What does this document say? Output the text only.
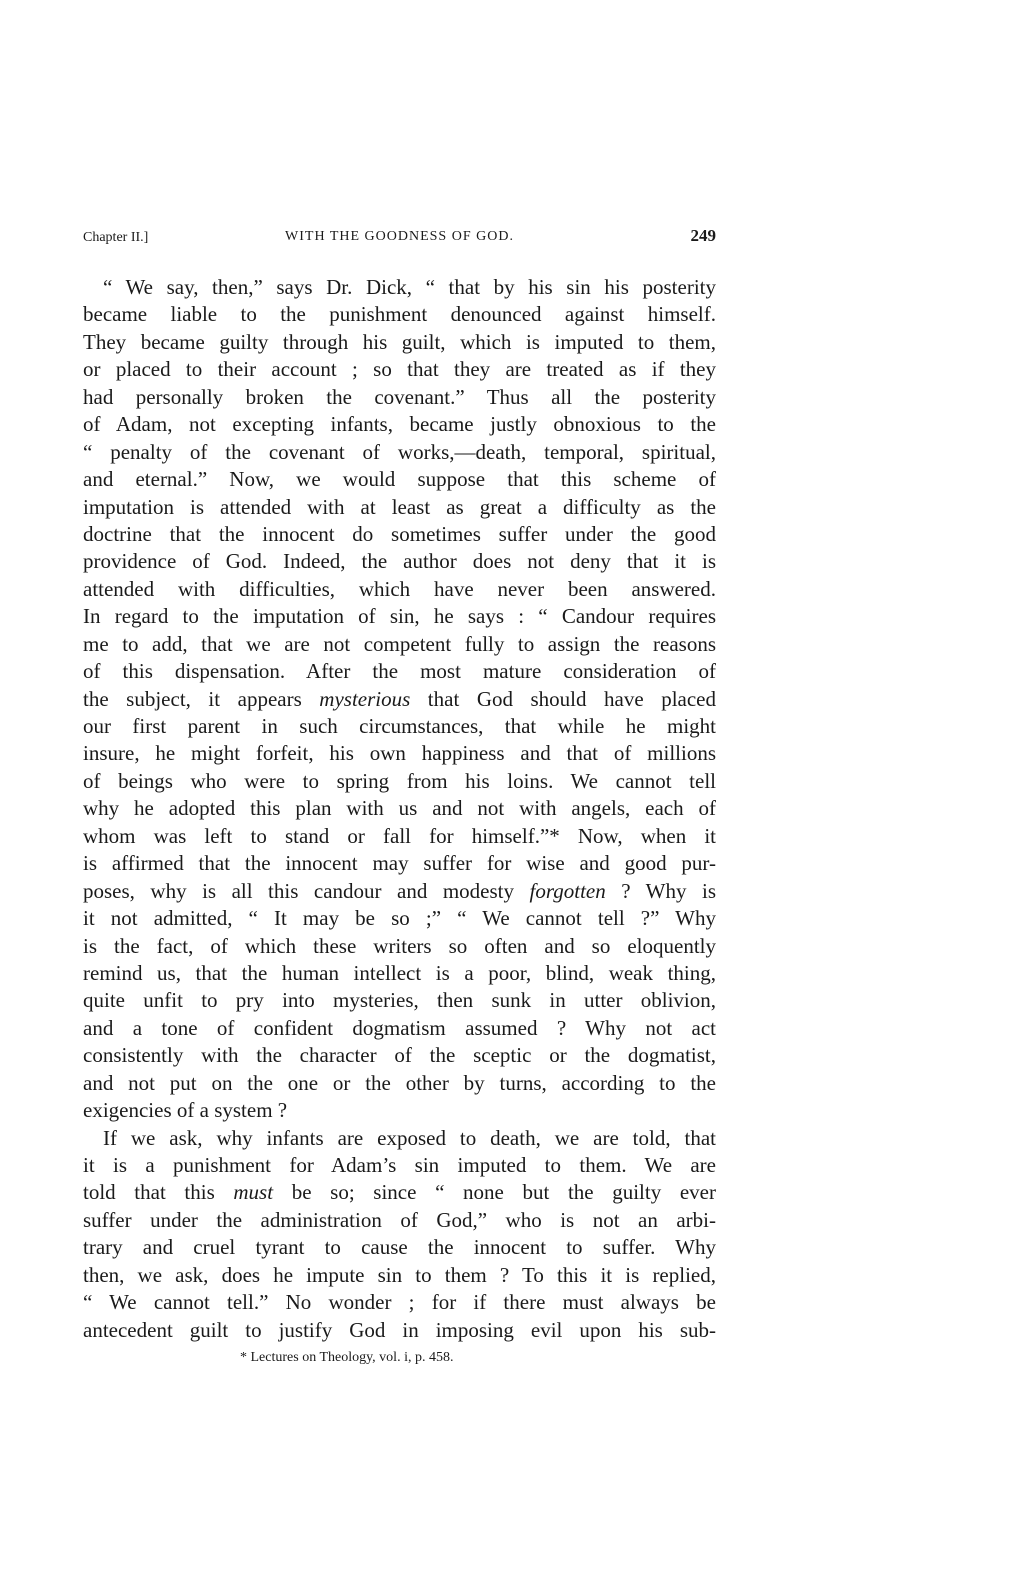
Chapter II.]	WITH THE GOODNESS OF GOD.	249
“ We say, then,” says Dr. Dick, “ that by his sin his posterity
became liable to the punishment denounced against himself.
They became guilty through his guilt, which is imputed to them,
or placed to their account ; so that they are treated as if they
had personally broken the covenant.” Thus all the posterity
of Adam, not excepting infants, became justly obnoxious to the
“ penalty of the covenant of works,—death, temporal, spiritual,
and eternal.” Now, we would suppose that this scheme of
imputation is attended with at least as great a difficulty as the
doctrine that the innocent do sometimes suffer under the good
providence of God. Indeed, the author does not deny that it is
attended with difficulties, which have never been answered.
In regard to the imputation of sin, he says : “ Candour requires
me to add, that we are not competent fully to assign the reasons
of this dispensation. After the most mature consideration of
the subject, it appears mysterious that God should have placed
our first parent in such circumstances, that while he might
insure, he might forfeit, his own happiness and that of millions
of beings who were to spring from his loins. We cannot tell
why he adopted this plan with us and not with angels, each of
whom was left to stand or fall for himself.”* Now, when it
is affirmed that the innocent may suffer for wise and good pur-
poses, why is all this candour and modesty forgotten ? Why is
it not admitted, “ It may be so ;” “ We cannot tell ?” Why
is the fact, of which these writers so often and so eloquently
remind us, that the human intellect is a poor, blind, weak thing,
quite unfit to pry into mysteries, then sunk in utter oblivion,
and a tone of confident dogmatism assumed ? Why not act
consistently with the character of the sceptic or the dogmatist,
and not put on the one or the other by turns, according to the
exigencies of a system ?
If we ask, why infants are exposed to death, we are told, that
it is a punishment for Adam’s sin imputed to them. We are
told that this must be so; since “ none but the guilty ever
suffer under the administration of God,” who is not an arbi-
trary and cruel tyrant to cause the innocent to suffer. Why
then, we ask, does he impute sin to them ? To this it is replied,
“ We cannot tell.” No wonder ; for if there must always be
antecedent guilt to justify God in imposing evil upon his sub-
* Lectures on Theology, vol. i, p. 458.
